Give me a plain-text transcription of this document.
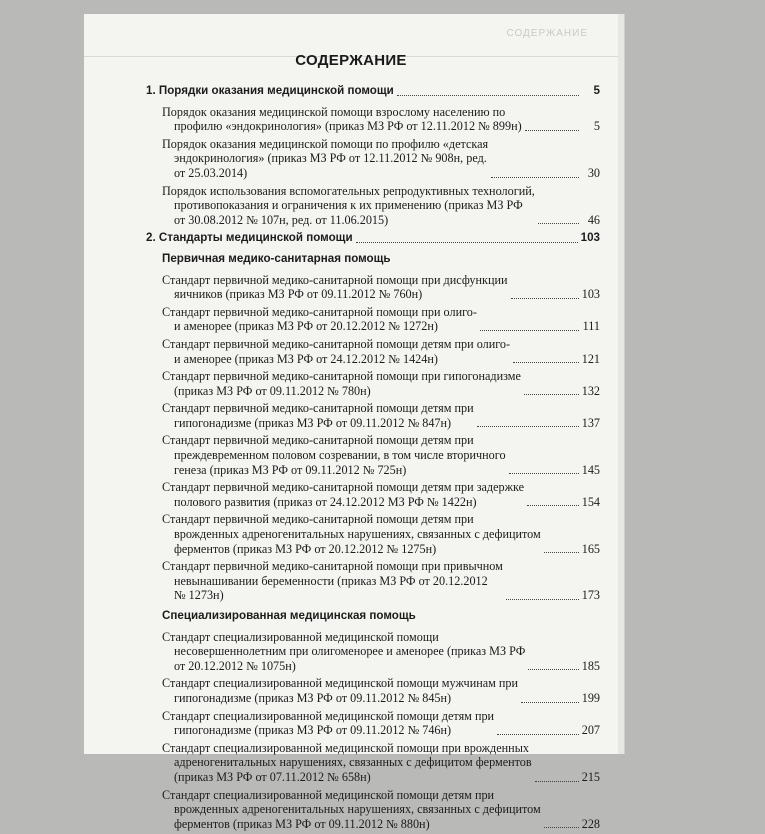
СОДЕРЖАНИЕ
СОДЕРЖАНИЕ
1. Порядки оказания медицинской помощи	5
Порядок оказания медицинской помощи взрослому населению по
профилю «эндокринология» (приказ МЗ РФ от 12.11.2012 № 899н)	5
Порядок оказания медицинской помощи по профилю «детская
эндокринология» (приказ МЗ РФ от 12.11.2012 № 908н, ред.
от 25.03.2014)	30
Порядок использования вспомогательных репродуктивных технологий,
противопоказания и ограничения к их применению (приказ МЗ РФ
от 30.08.2012 № 107н, ред. от 11.06.2015)	46
2. Стандарты медицинской помощи	103
Первичная медико-санитарная помощь
Стандарт первичной медико-санитарной помощи при дисфункции
яичников (приказ МЗ РФ от 09.11.2012 № 760н)	103
Стандарт первичной медико-санитарной помощи при олиго-
и аменорее (приказ МЗ РФ от 20.12.2012 № 1272н)	111
Стандарт первичной медико-санитарной помощи детям при олиго-
и аменорее (приказ МЗ РФ от 24.12.2012 № 1424н)	121
Стандарт первичной медико-санитарной помощи при гипогонадизме
(приказ МЗ РФ от 09.11.2012 № 780н)	132
Стандарт первичной медико-санитарной помощи детям при
гипогонадизме (приказ МЗ РФ от 09.11.2012 № 847н)	137
Стандарт первичной медико-санитарной помощи детям при
преждевременном половом созревании, в том числе вторичного
генеза (приказ МЗ РФ от 09.11.2012 № 725н)	145
Стандарт первичной медико-санитарной помощи детям при задержке
полового развития (приказ от 24.12.2012 МЗ РФ № 1422н)	154
Стандарт первичной медико-санитарной помощи детям при
врожденных адреногенитальных нарушениях, связанных с дефицитом
ферментов (приказ МЗ РФ от 20.12.2012 № 1275н)	165
Стандарт первичной медико-санитарной помощи при привычном
невынашивании беременности (приказ МЗ РФ от 20.12.2012
№ 1273н)	173
Специализированная медицинская помощь
Стандарт специализированной медицинской помощи
несовершеннолетним при олигоменорее и аменорее (приказ МЗ РФ
от 20.12.2012 № 1075н)	185
Стандарт специализированной медицинской помощи мужчинам при
гипогонадизме (приказ МЗ РФ от 09.11.2012 № 845н)	199
Стандарт специализированной медицинской помощи детям при
гипогонадизме (приказ МЗ РФ от 09.11.2012 № 746н)	207
Стандарт специализированной медицинской помощи при врожденных
адреногенитальных нарушениях, связанных с дефицитом ферментов
(приказ МЗ РФ от 07.11.2012 № 658н)	215
Стандарт специализированной медицинской помощи детям при
врожденных адреногенитальных нарушениях, связанных с дефицитом
ферментов (приказ МЗ РФ от 09.11.2012 № 880н)	228
